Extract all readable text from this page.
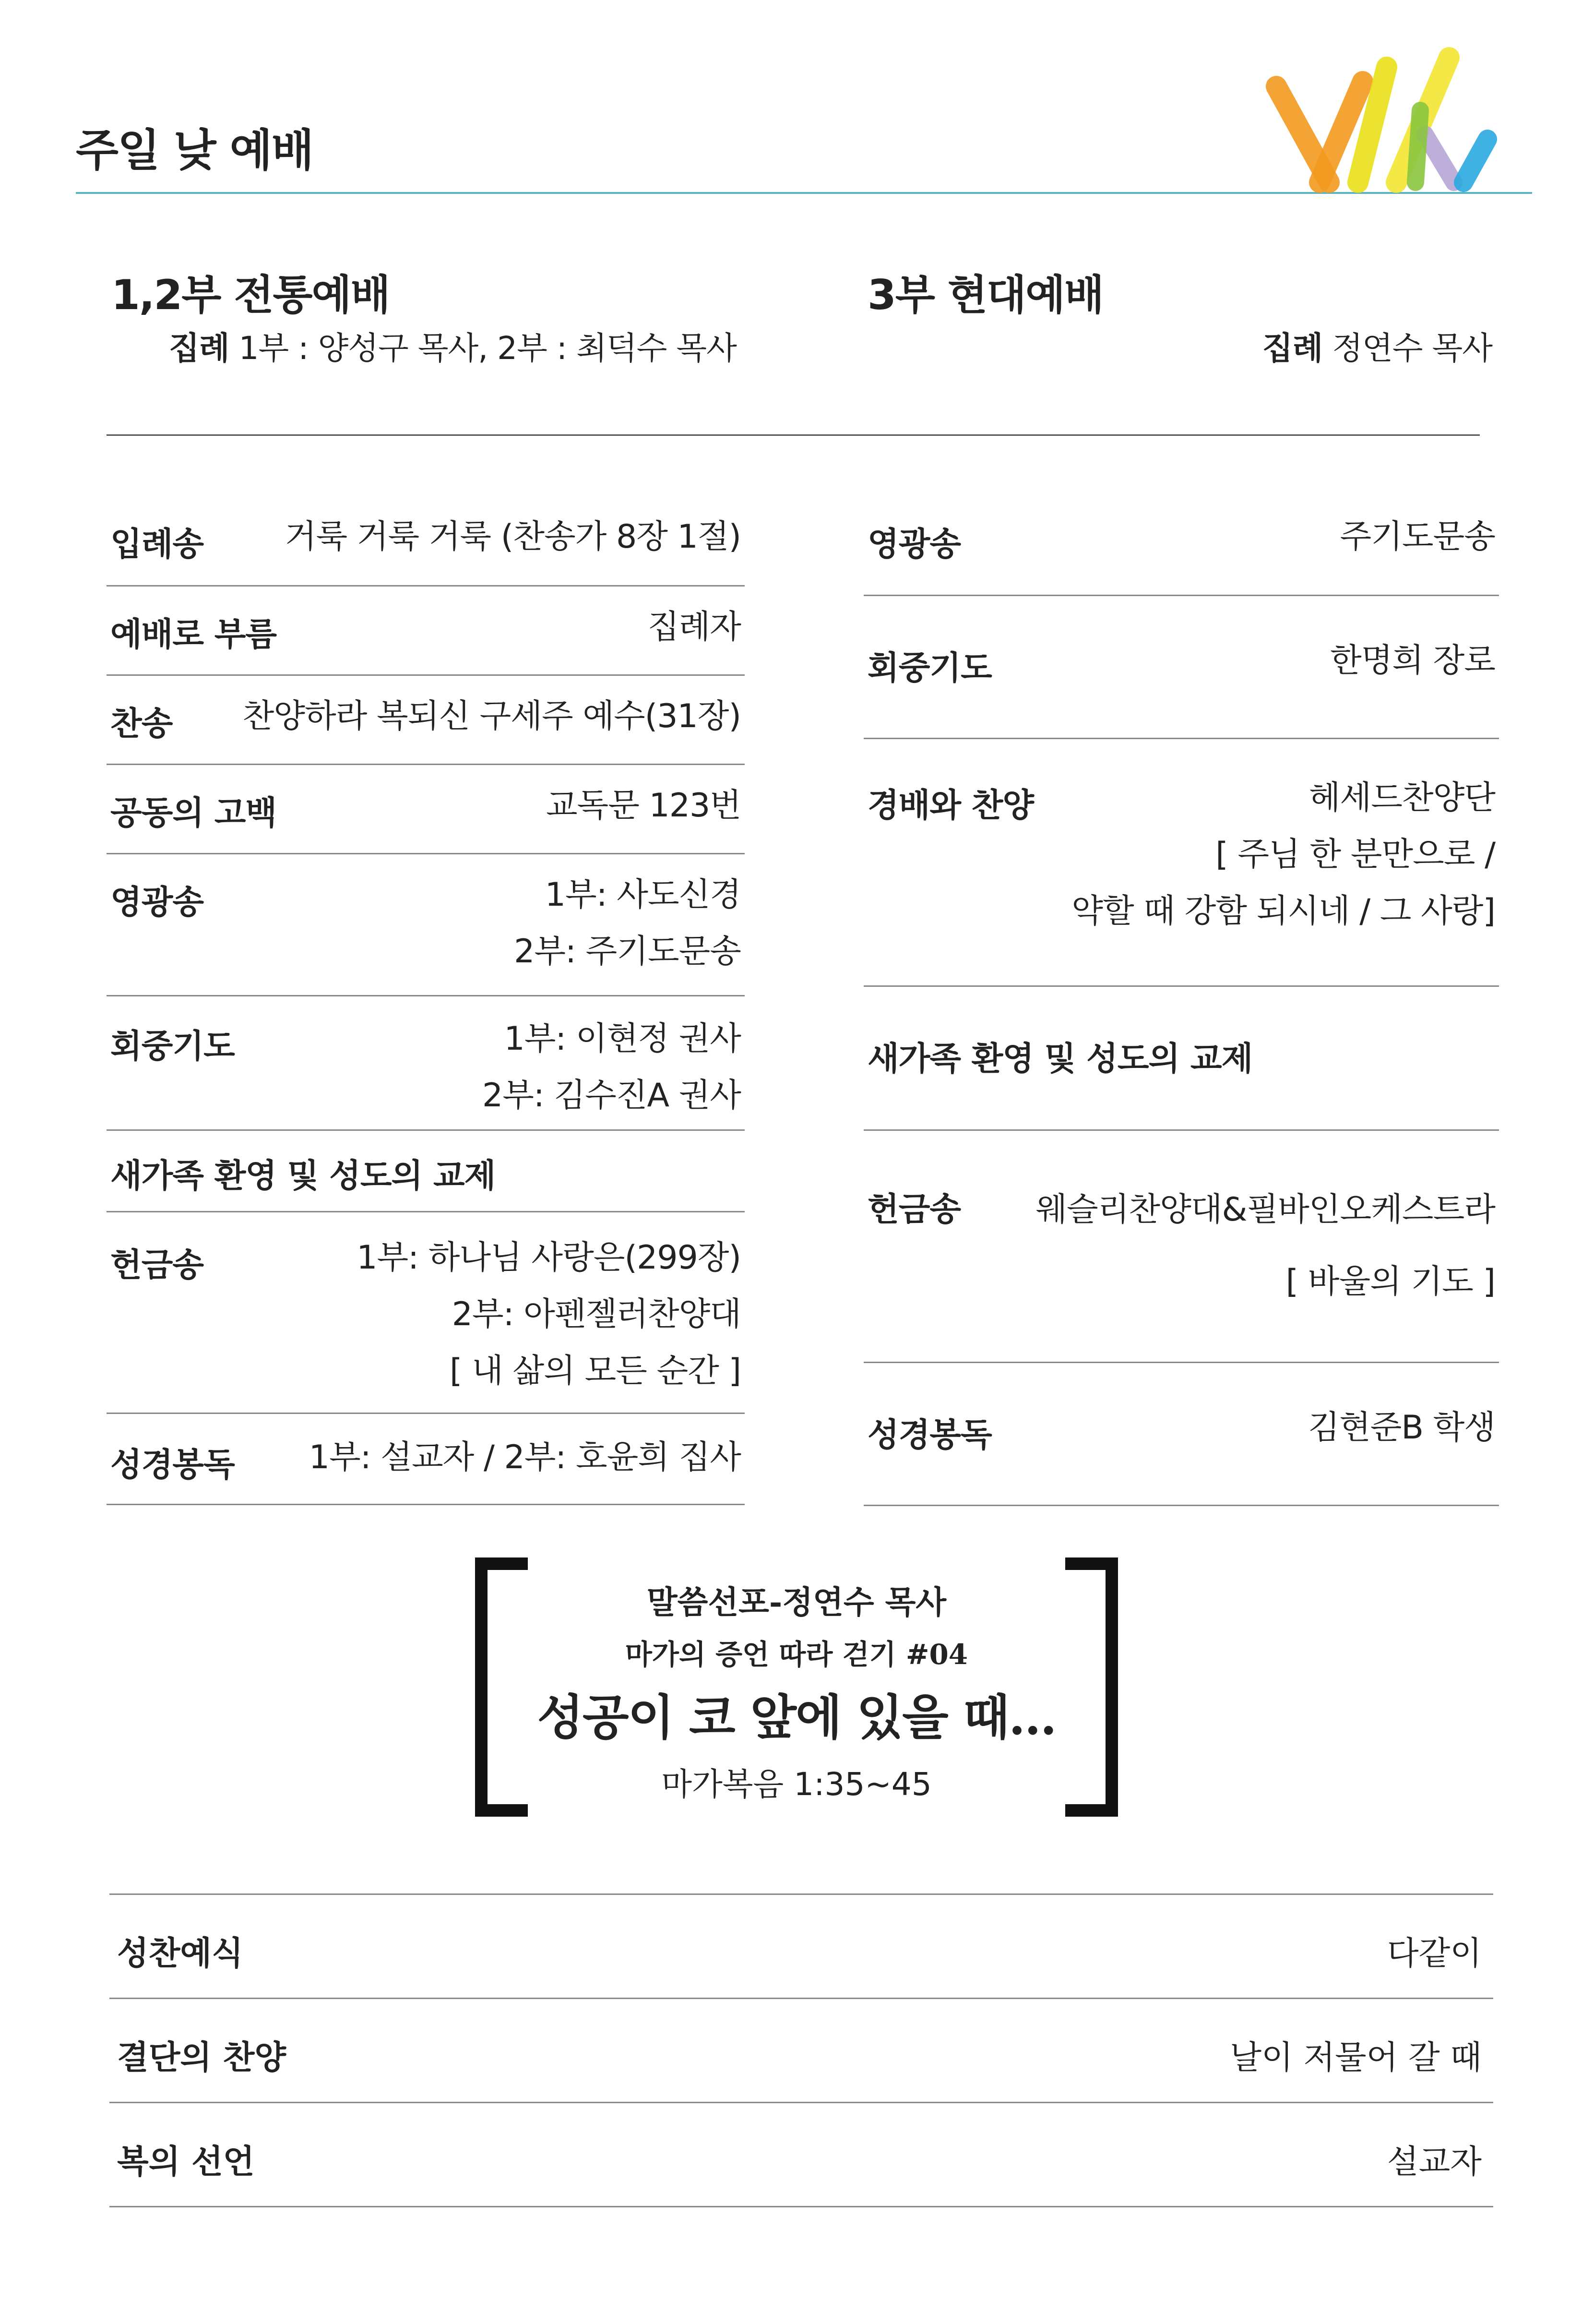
주일 낮 예배
1,2부 전통예배
집례 1부 : 양성구 목사, 2부 : 최덕수 목사
3부 현대예배
집례 정연수 목사
입례송 거룩 거룩 거룩 (찬송가 8장 1절)
예배로 부름	집례자
찬송 찬양하라 복되신 구세주 예수(31장)
공동의 고백	교독문 123번
영광송	1부: 사도신경
2부: 주기도문송
회중기도	1부: 이현정 권사
2부: 김수진A 권사
새가족 환영 및 성도의 교제
헌금송	1부: 하나님 사랑은(299장)
2부: 아펜젤러찬양대
[ 내 삶의 모든 순간 ]
성경봉독 1부: 설교자 / 2부: 호윤희 집사
영광송	주기도문송
회중기도	한명희 장로
경배와 찬양	헤세드찬양단
[ 주님 한 분만으로 /
약할 때 강함 되시네 / 그 사랑]
새가족 환영 및 성도의 교제
헌금송 웨슬리찬양대&필바인오케스트라
[ 바울의 기도 ]
성경봉독	김현준B 학생
말씀선포-정연수 목사
마가의 증언 따라 걷기 #04
성공이 코 앞에 있을 때...
마가복음 1:35~45
성찬예식	다같이
결단의 찬양	날이 저물어 갈 때
복의 선언	설교자
